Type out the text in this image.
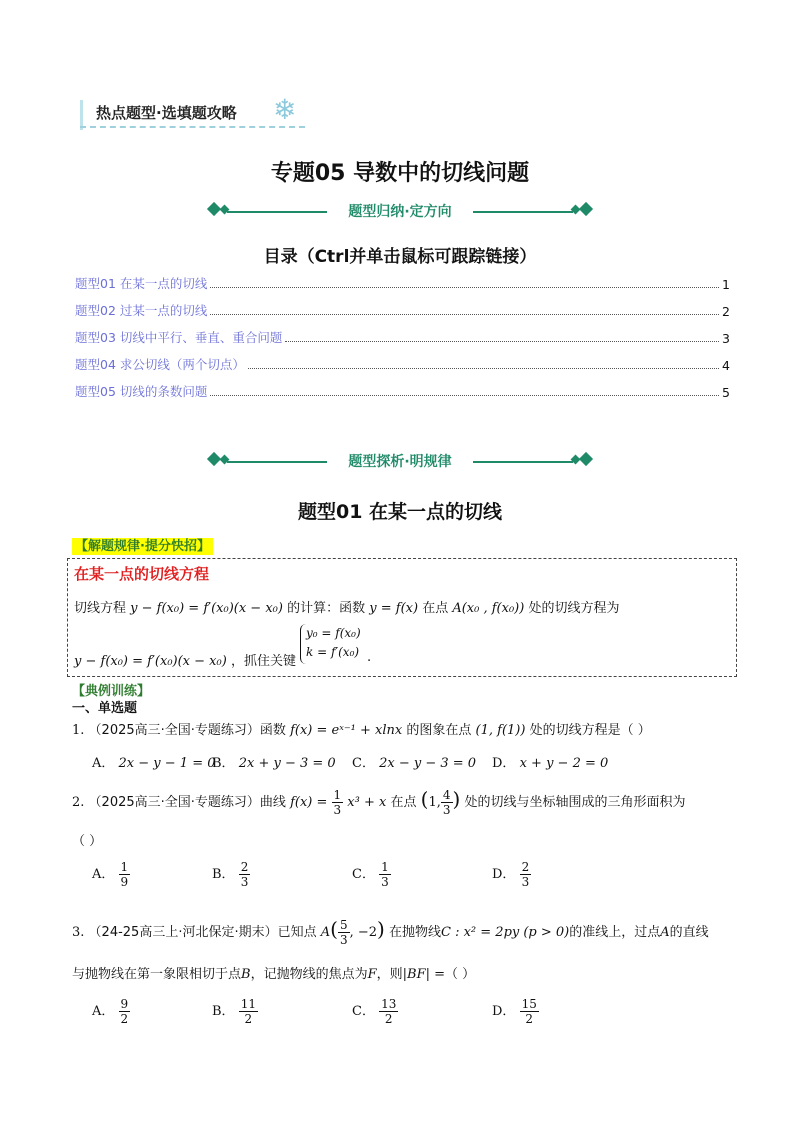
热点题型·选填题攻略 ❄
专题05 导数中的切线问题
题型归纳·定方向
目录（Ctrl并单击鼠标可跟踪链接）
题型01 在某一点的切线	1
题型02 过某一点的切线	2
题型03 切线中平行、垂直、重合问题	3
题型04 求公切线（两个切点）	4
题型05 切线的条数问题	5
题型探析·明规律
题型01 在某一点的切线
【解题规律·提分快招】
在某一点的切线方程
切线方程 y − f(x₀) = f′(x₀)(x − x₀) 的计算：函数 y = f(x) 在点 A(x₀ , f(x₀)) 处的切线方程为
y − f(x₀) = f′(x₀)(x − x₀) ，抓住关键
y₀ = f(x₀)
k = f′(x₀) .
【典例训练】
一、单选题
1. （2025高三·全国·专题练习）函数 f(x) = eˣ⁻¹ + xlnx 的图象在点 (1, f(1)) 处的切线方程是（ ）
A． 2x − y − 1 = 0
B． 2x + y − 3 = 0 C． 2x − y − 3 = 0 D． x + y − 2 = 0
2. （2025高三·全国·专题练习）曲线 $f(x) = \frac{1}{3} x^3 + x$ 在点 (1, $\frac{4}{3}$ ) 处的切线与坐标轴围成的三角形面积为
（ ）
A． $\frac{1}{9}$	B． $\frac{2}{3}$	C． $\frac{1}{3}$	D． $\frac{2}{3}$
3. （24-25高三上·河北保定·期末）已知点 $A( \frac{5}{3}$ , −2) 在抛物线C : x² = 2py (p > 0)的准线上，过点A的直线
与抛物线在第一象限相切于点B，记抛物线的焦点为F，则|BF| =（ ）
A． $\frac{9}{2}$	B． $\frac{11}{2}$	C． $\frac{13}{2}$	D． $\frac{15}{2}$
